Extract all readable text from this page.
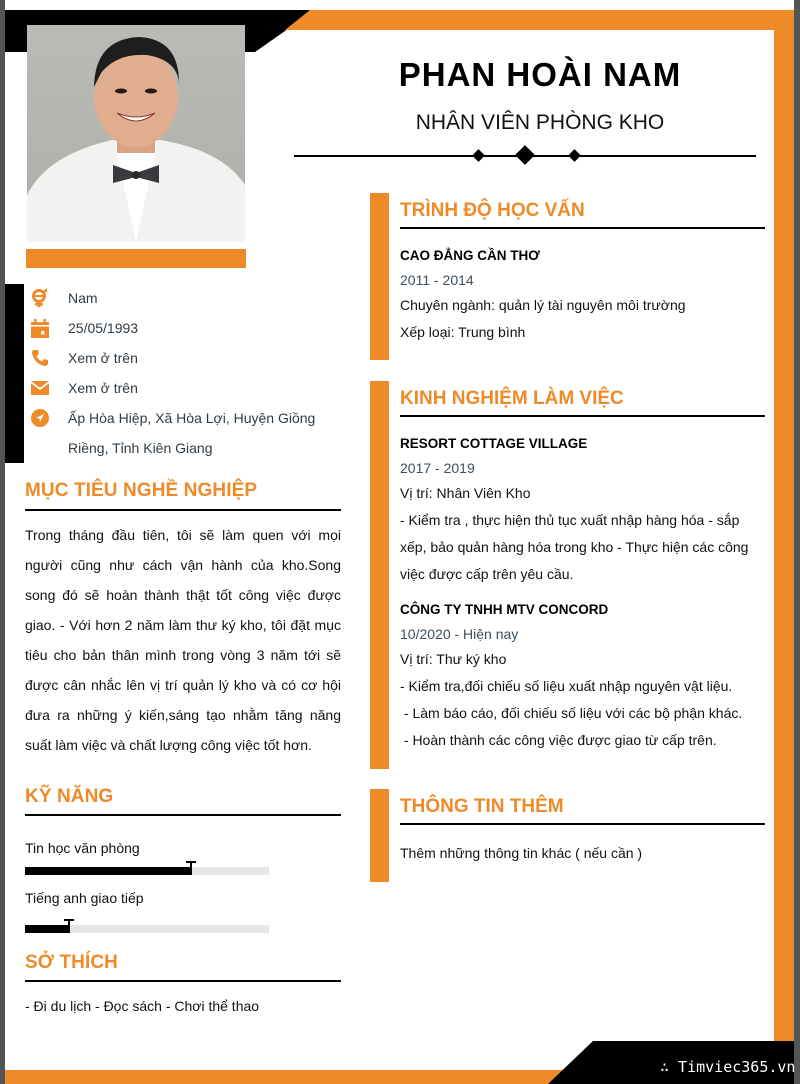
∴ Timviec365.vn
Nam
25/05/1993
Xem ở trên
Xem ở trên
Ấp Hòa Hiệp, Xã Hòa Lợi, Huyện Giồng Riềng, Tỉnh Kiên Giang
MỤC TIÊU NGHỀ NGHIỆP
Trong tháng đầu tiên, tôi sẽ làm quen với mọi người cũng như cách vận hành của kho.Song song đó sẽ hoàn thành thật tốt công việc được giao. - Với hơn 2 năm làm thư ký kho, tôi đặt mục tiêu cho bản thân mình trong vòng 3 năm tới sẽ được cân nhắc lên vị trí quản lý kho và có cơ hội đưa ra những ý kiến,sáng tạo nhằm tăng năng suất làm việc và chất lượng công việc tốt hơn.
KỸ NĂNG
Tin học văn phòng
Tiếng anh giao tiếp
SỞ THÍCH
- Đi du lịch - Đọc sách - Chơi thể thao
PHAN HOÀI NAM
NHÂN VIÊN PHÒNG KHO
TRÌNH ĐỘ HỌC VẤN
CAO ĐẲNG CẦN THƠ
2011 - 2014
Chuyên ngành: quản lý tài nguyên môi trường
Xếp loại: Trung bình
KINH NGHIỆM LÀM VIỆC
RESORT COTTAGE VILLAGE
2017 - 2019
Vị trí: Nhân Viên Kho
- Kiểm tra , thực hiện thủ tục xuất nhập hàng hóa - sắp
xếp, bảo quản hàng hóa trong kho - Thực hiện các công
việc được cấp trên yêu cầu.
CÔNG TY TNHH MTV CONCORD
10/2020 - Hiện nay
Vị trí: Thư ký kho
- Kiểm tra,đối chiếu số liệu xuất nhập nguyên vật liệu.
- Làm báo cáo, đối chiếu số liệu với các bộ phận khác.
- Hoàn thành các công việc được giao từ cấp trên.
THÔNG TIN THÊM
Thêm những thông tin khác ( nếu cần )
